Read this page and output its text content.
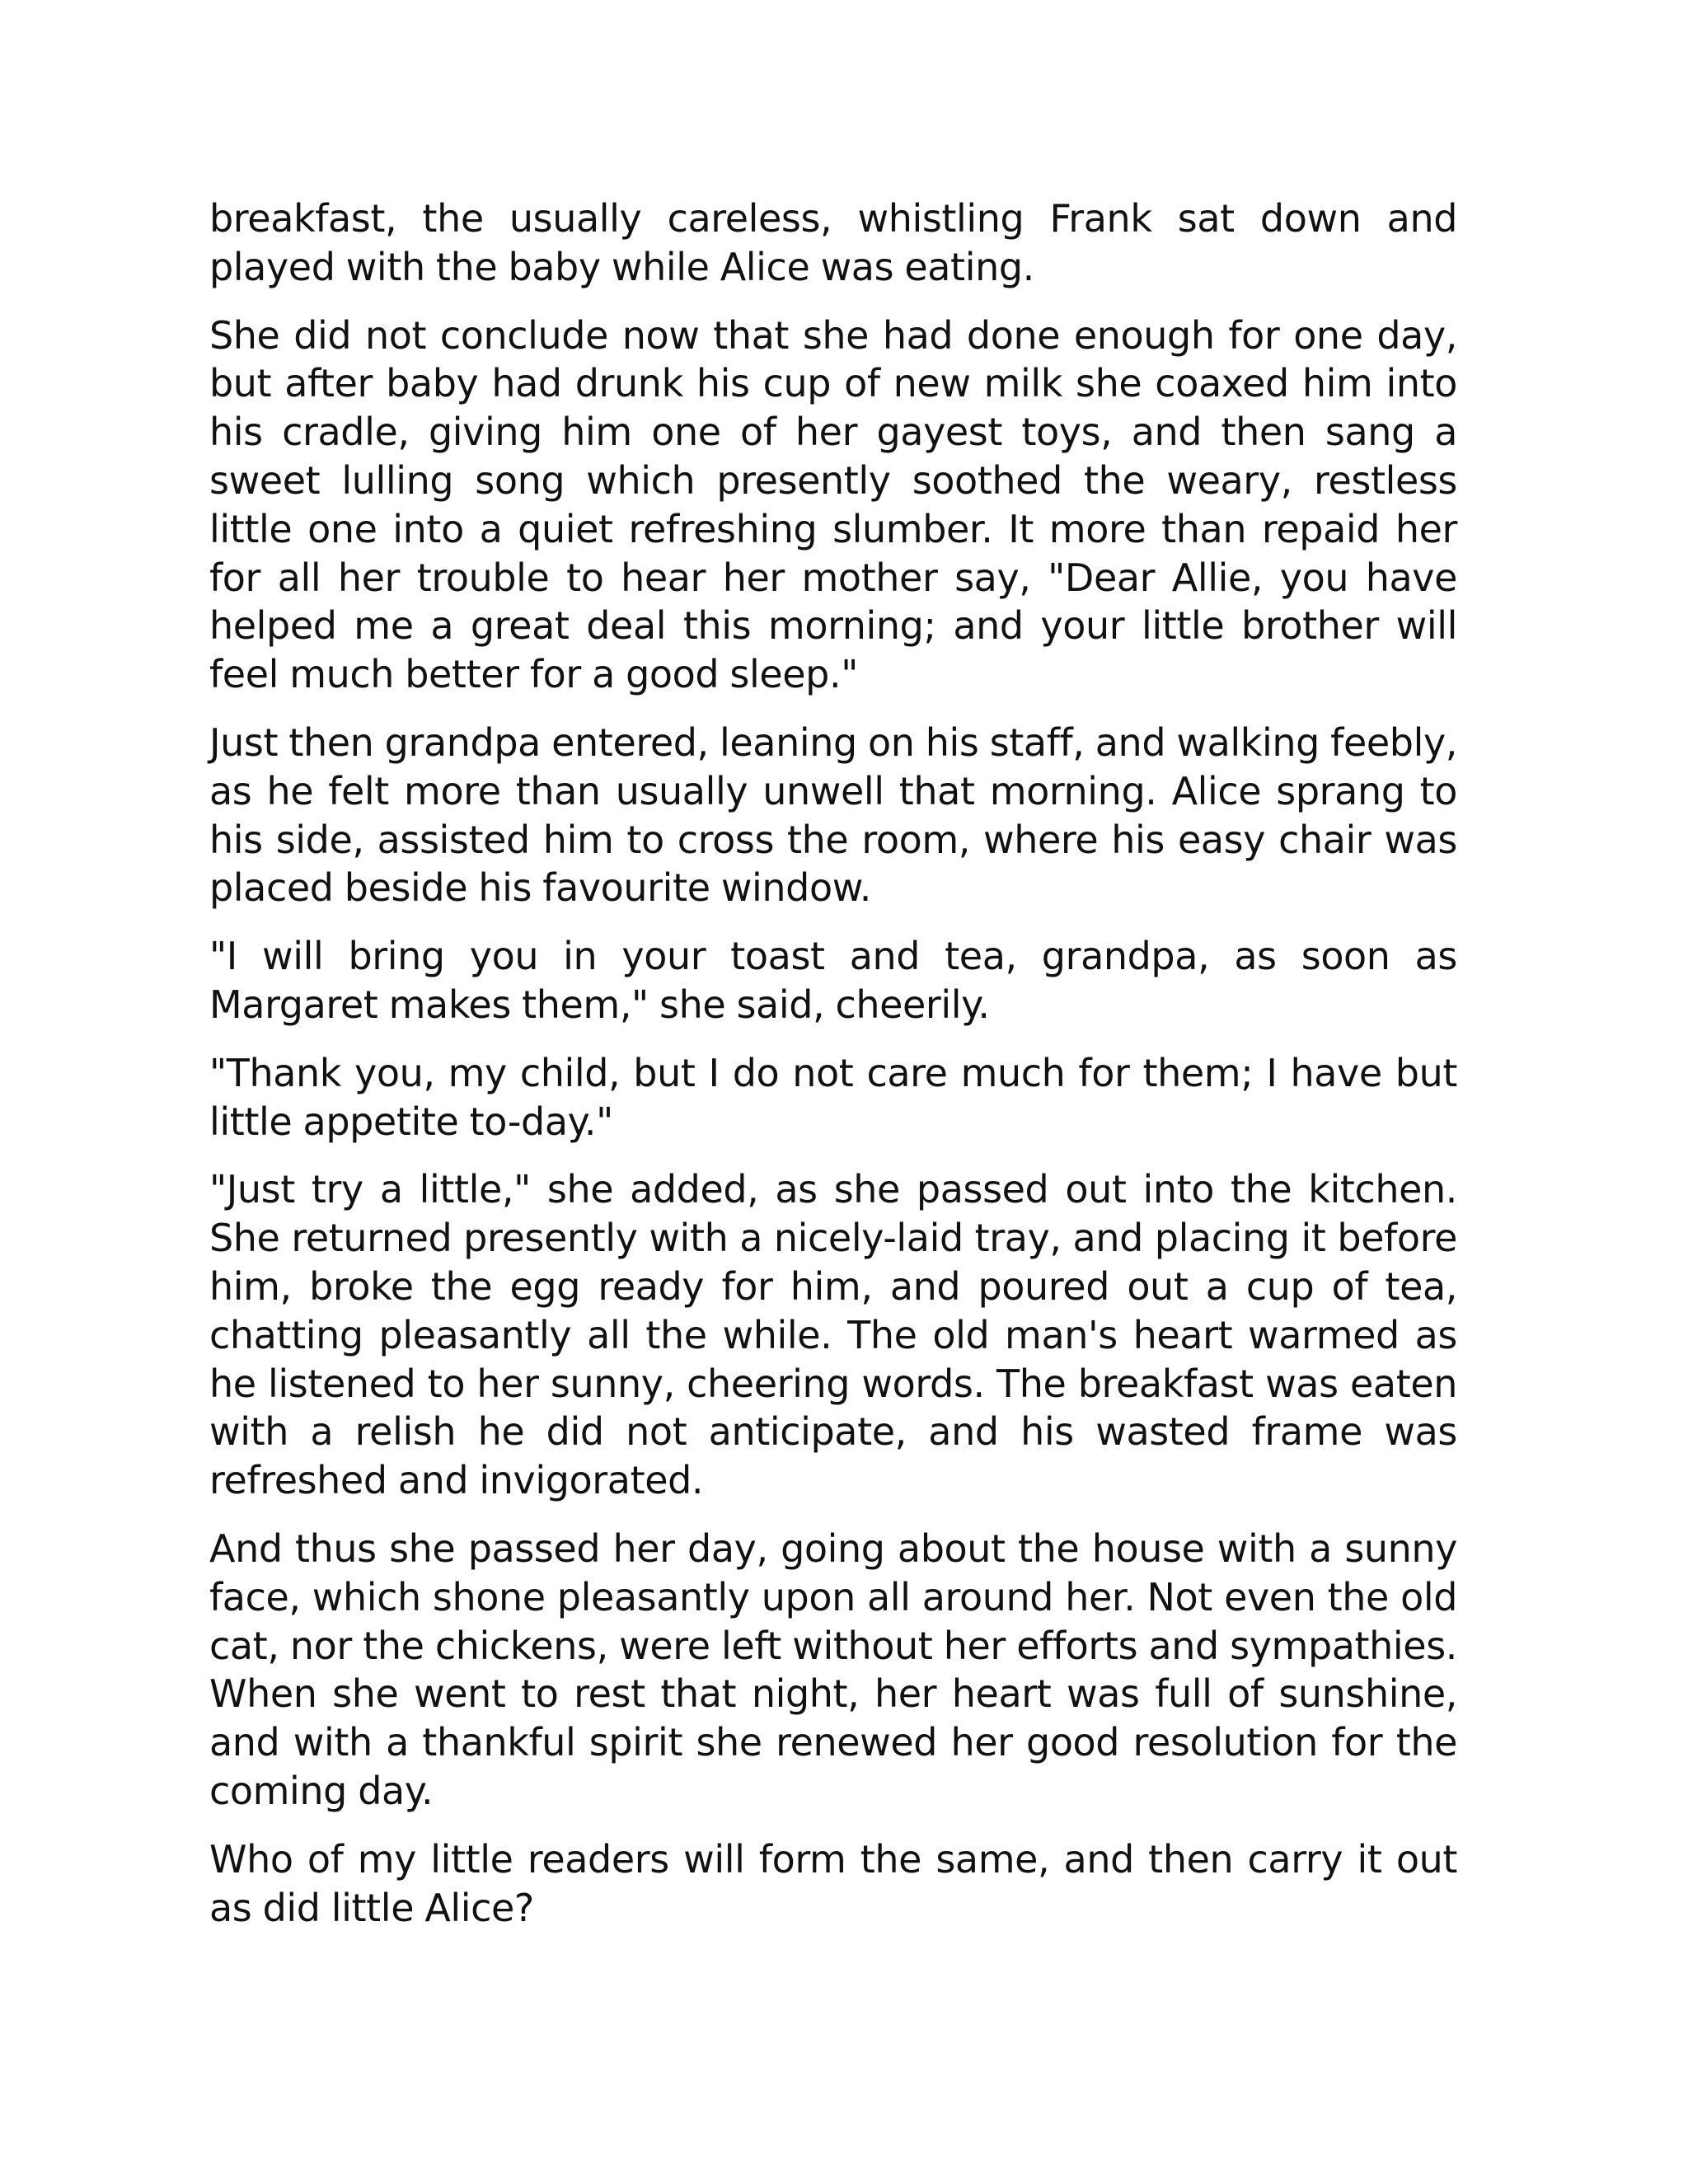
breakfast, the usually careless, whistling Frank sat down and played with the baby while Alice was eating.

She did not conclude now that she had done enough for one day, but after baby had drunk his cup of new milk she coaxed him into his cradle, giving him one of her gayest toys, and then sang a sweet lulling song which presently soothed the weary, restless little one into a quiet refreshing slumber. It more than repaid her for all her trouble to hear her mother say, "Dear Allie, you have helped me a great deal this morning; and your little brother will feel much better for a good sleep."

Just then grandpa entered, leaning on his staff, and walking feebly, as he felt more than usually unwell that morning. Alice sprang to his side, assisted him to cross the room, where his easy chair was placed beside his favourite window.

"I will bring you in your toast and tea, grandpa, as soon as Margaret makes them," she said, cheerily.

"Thank you, my child, but I do not care much for them; I have but little appetite to-day."

"Just try a little," she added, as she passed out into the kitchen. She returned presently with a nicely-laid tray, and placing it before him, broke the egg ready for him, and poured out a cup of tea, chatting pleasantly all the while. The old man's heart warmed as he listened to her sunny, cheering words. The breakfast was eaten with a relish he did not anticipate, and his wasted frame was refreshed and invigorated.

And thus she passed her day, going about the house with a sunny face, which shone pleasantly upon all around her. Not even the old cat, nor the chickens, were left without her efforts and sympathies. When she went to rest that night, her heart was full of sunshine, and with a thankful spirit she renewed her good resolution for the coming day.

Who of my little readers will form the same, and then carry it out as did little Alice?
